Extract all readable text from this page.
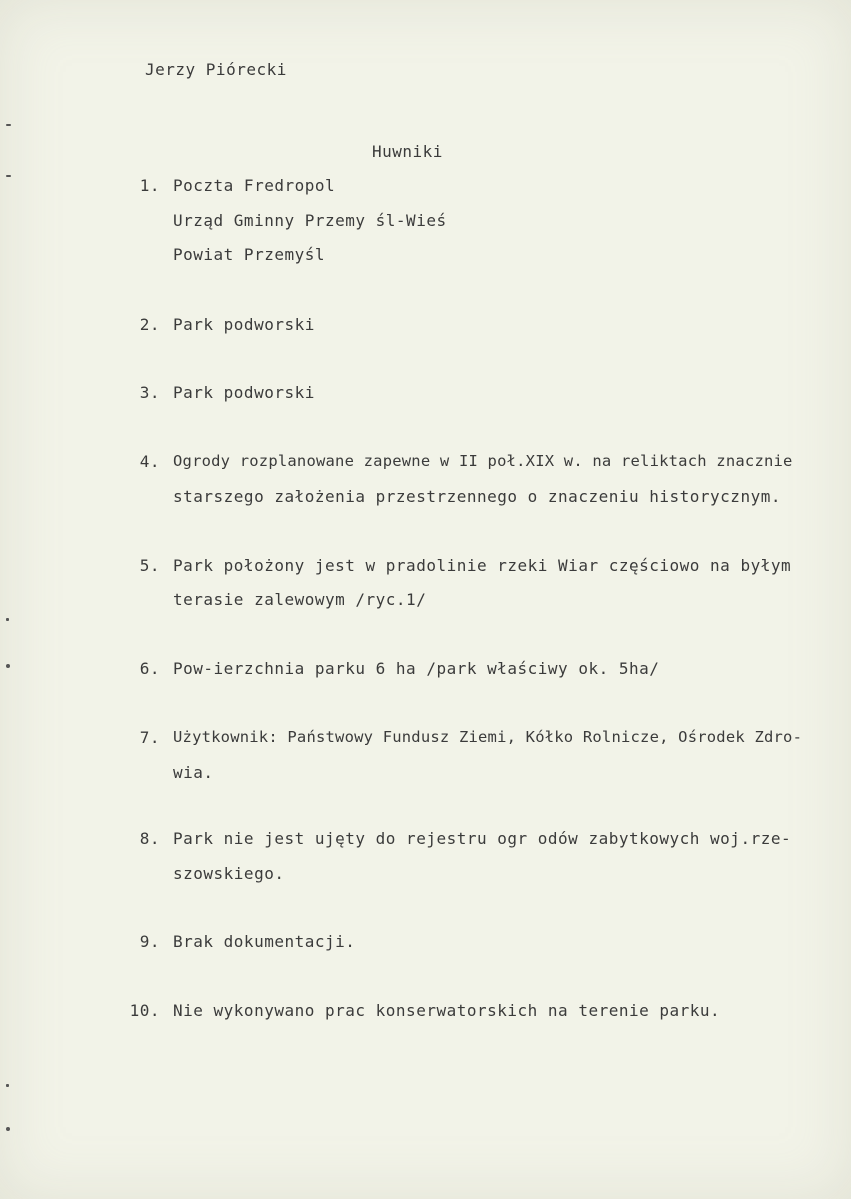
Jerzy Piórecki
Huwniki
1. Poczta Fredropol
Urząd Gminny Przemy śl-Wieś
Powiat Przemyśl
2. Park podworski
3. Park podworski
4. Ogrody rozplanowane zapewne w II poł.XIX w. na reliktach znacznie
starszego założenia przestrzennego o znaczeniu historycznym.
5. Park położony jest w pradolinie rzeki Wiar częściowo na byłym
terasie zalewowym /ryc.1/
6. Pow-ierzchnia parku 6 ha /park właściwy ok. 5ha/
7. Użytkownik: Państwowy Fundusz Ziemi, Kółko Rolnicze, Ośrodek Zdro-
wia.
8. Park nie jest ujęty do rejestru ogr odów zabytkowych woj.rze-
szowskiego.
9. Brak dokumentacji.
10. Nie wykonywano prac konserwatorskich na terenie parku.
